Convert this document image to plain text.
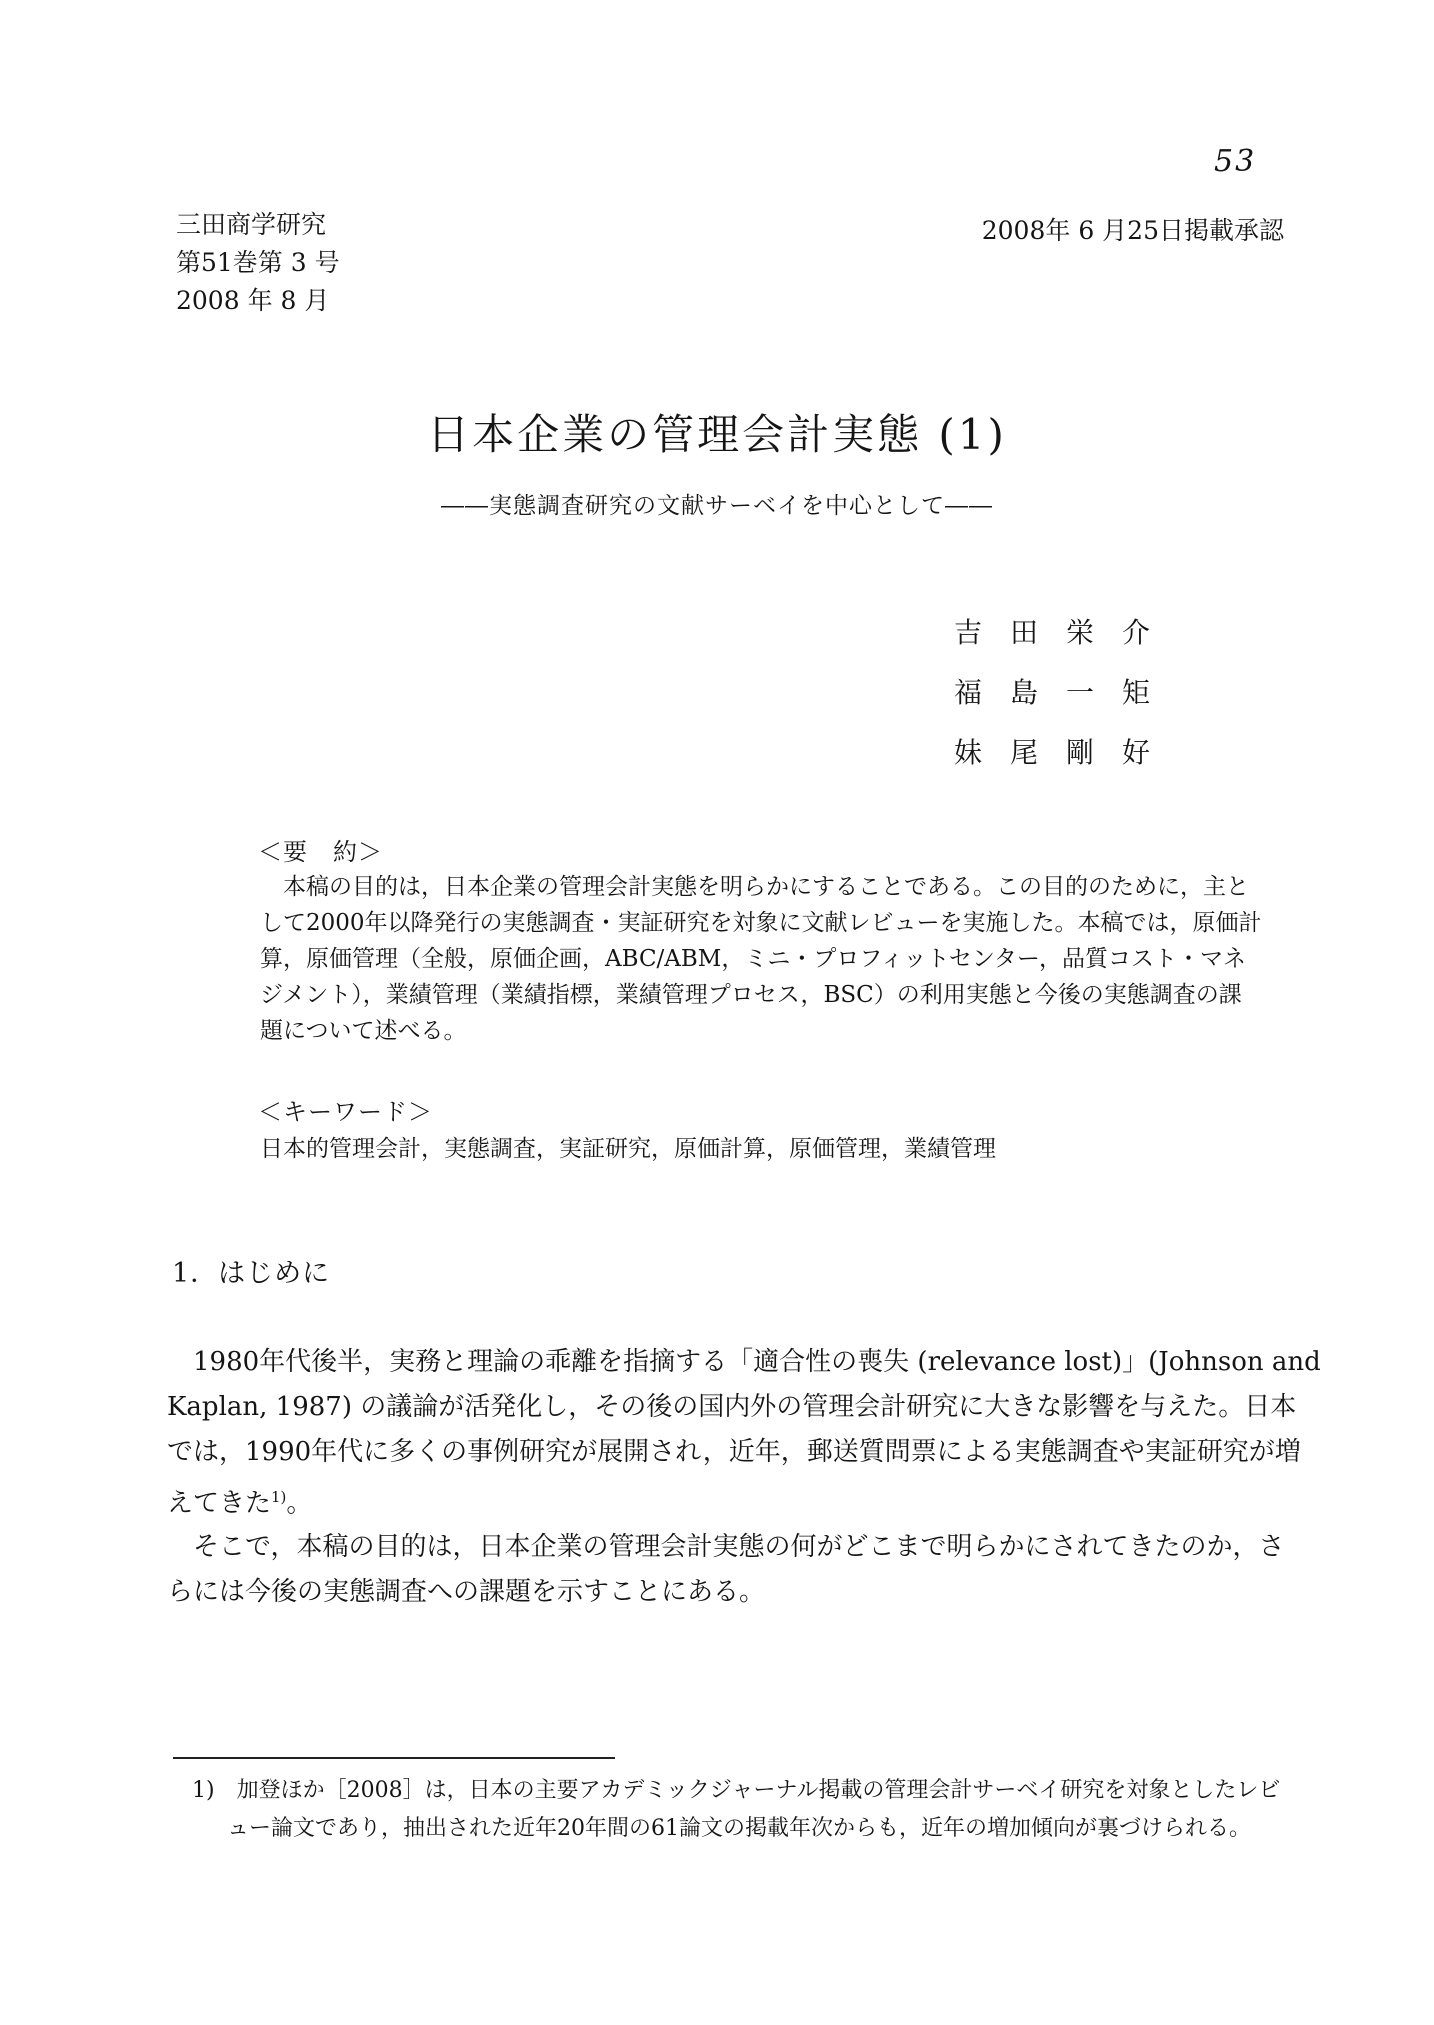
53
三田商学研究
第51巻第 3 号
2008 年 8 月
2008年 6 月25日掲載承認
日本企業の管理会計実態 (1)
――実態調査研究の文献サーベイを中心として――
吉　田　栄　介
福　島　一　矩
妹　尾　剛　好
＜要　約＞
　本稿の目的は，日本企業の管理会計実態を明らかにすることである。この目的のために，主と
して2000年以降発行の実態調査・実証研究を対象に文献レビューを実施した。本稿では，原価計
算，原価管理（全般，原価企画，ABC/ABM，ミニ・プロフィットセンター，品質コスト・マネ
ジメント），業績管理（業績指標，業績管理プロセス，BSC）の利用実態と今後の実態調査の課
題について述べる。
＜キーワード＞
日本的管理会計，実態調査，実証研究，原価計算，原価管理，業績管理
1．はじめに
　1980年代後半，実務と理論の乖離を指摘する「適合性の喪失 (relevance lost)」(Johnson and
Kaplan, 1987) の議論が活発化し，その後の国内外の管理会計研究に大きな影響を与えた。日本
では，1990年代に多くの事例研究が展開され，近年，郵送質問票による実態調査や実証研究が増
えてきた$^{1)}$。
　そこで，本稿の目的は，日本企業の管理会計実態の何がどこまで明らかにされてきたのか，さ
らには今後の実態調査への課題を示すことにある。
1)　加登ほか［2008］は，日本の主要アカデミックジャーナル掲載の管理会計サーベイ研究を対象としたレビ
ュー論文であり，抽出された近年20年間の61論文の掲載年次からも，近年の増加傾向が裏づけられる。
